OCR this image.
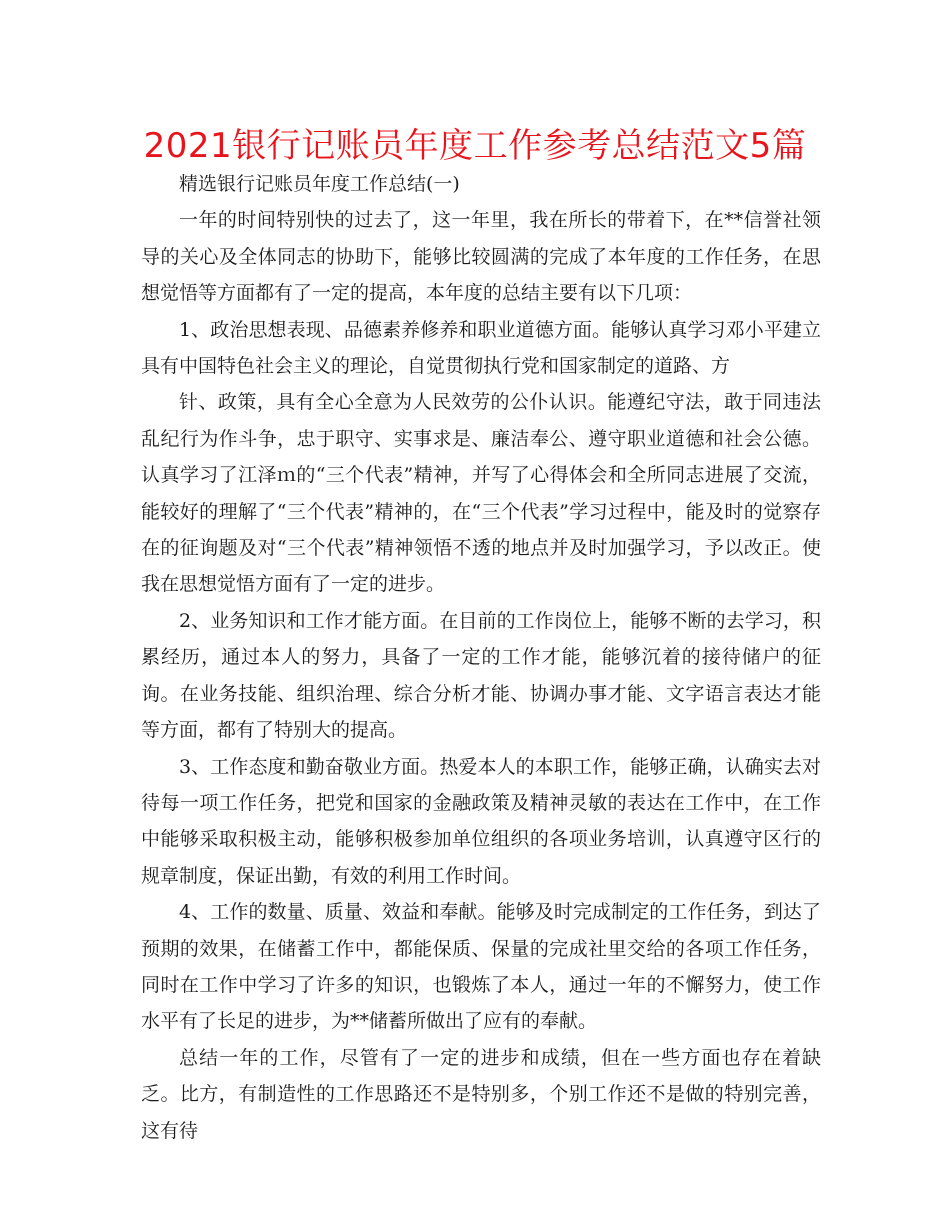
2021银行记账员年度工作参考总结范文5篇

精选银行记账员年度工作总结(一)

一年的时间特别快的过去了，这一年里，我在所长的带着下，在**信誉社领导的关心及全体同志的协助下，能够比较圆满的完成了本年度的工作任务，在思想觉悟等方面都有了一定的提高，本年度的总结主要有以下几项：

1、政治思想表现、品德素养修养和职业道德方面。能够认真学习邓小平建立具有中国特色社会主义的理论，自觉贯彻执行党和国家制定的道路、方

针、政策，具有全心全意为人民效劳的公仆认识。能遵纪守法，敢于同违法乱纪行为作斗争，忠于职守、实事求是、廉洁奉公、遵守职业道德和社会公德。认真学习了江泽ｍ的“三个代表”精神，并写了心得体会和全所同志进展了交流，能较好的理解了“三个代表”精神的，在“三个代表”学习过程中，能及时的觉察存在的征询题及对“三个代表”精神领悟不透的地点并及时加强学习，予以改正。使我在思想觉悟方面有了一定的进步。

2、业务知识和工作才能方面。在目前的工作岗位上，能够不断的去学习，积累经历，通过本人的努力，具备了一定的工作才能，能够沉着的接待储户的征询。在业务技能、组织治理、综合分析才能、协调办事才能、文字语言表达才能等方面，都有了特别大的提高。

3、工作态度和勤奋敬业方面。热爱本人的本职工作，能够正确，认确实去对待每一项工作任务，把党和国家的金融政策及精神灵敏的表达在工作中，在工作中能够采取积极主动，能够积极参加单位组织的各项业务培训，认真遵守区行的规章制度，保证出勤，有效的利用工作时间。

4、工作的数量、质量、效益和奉献。能够及时完成制定的工作任务，到达了预期的效果，在储蓄工作中，都能保质、保量的完成社里交给的各项工作任务，同时在工作中学习了许多的知识，也锻炼了本人，通过一年的不懈努力，使工作水平有了长足的进步，为**储蓄所做出了应有的奉献。

总结一年的工作，尽管有了一定的进步和成绩，但在一些方面也存在着缺乏。比方，有制造性的工作思路还不是特别多，个别工作还不是做的特别完善，这有待
